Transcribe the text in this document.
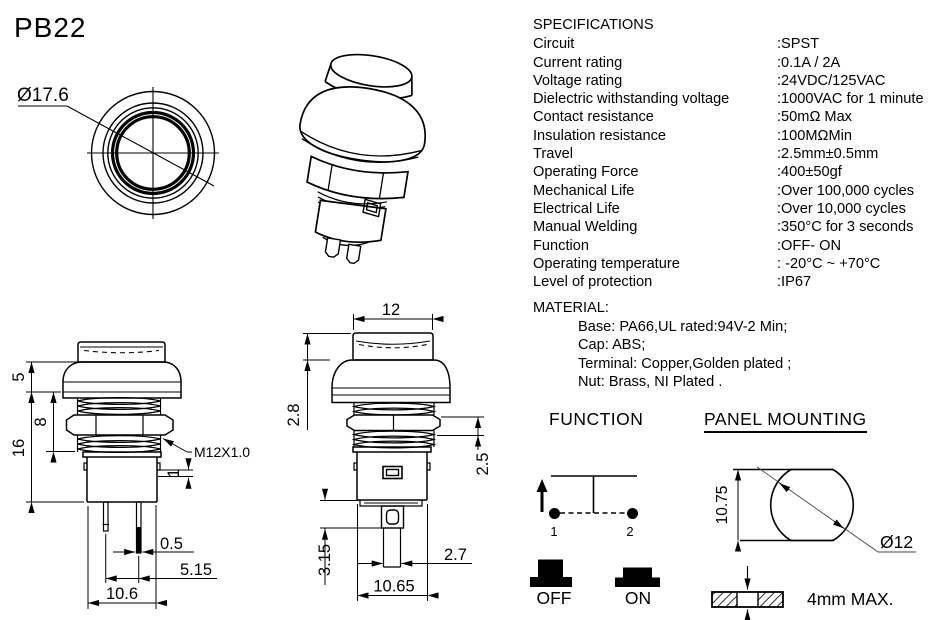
Ø17.6
5
16
8
M12X1.0
1
0.5
5.15
10.6
12
2.8
2.5
3.15	2.7
10.65
1	2
OFF	ON
10.75
Ø12
4mm MAX.
PB22	SPECIFICATIONS
Circuit	:SPST
Current rating	:0.1A / 2A
Voltage rating	:24VDC/125VAC
Dielectric withstanding voltage	:1000VAC for 1 minute
Contact resistance	:50mΩ Max
Insulation resistance	:100MΩMin
Travel	:2.5mm±0.5mm
Operating Force	:400±50gf
Mechanical Life	:Over 100,000 cycles
Electrical Life	:Over 10,000 cycles
Manual Welding	:350°C for 3 seconds
Function	:OFF- ON
Operating temperature	: -20°C ~ +70°C
Level of protection	:IP67
MATERIAL:
Base: PA66,UL rated:94V-2 Min;
Cap: ABS;
Terminal: Copper,Golden plated ;
Nut: Brass, NI Plated .
FUNCTION	PANEL MOUNTING
